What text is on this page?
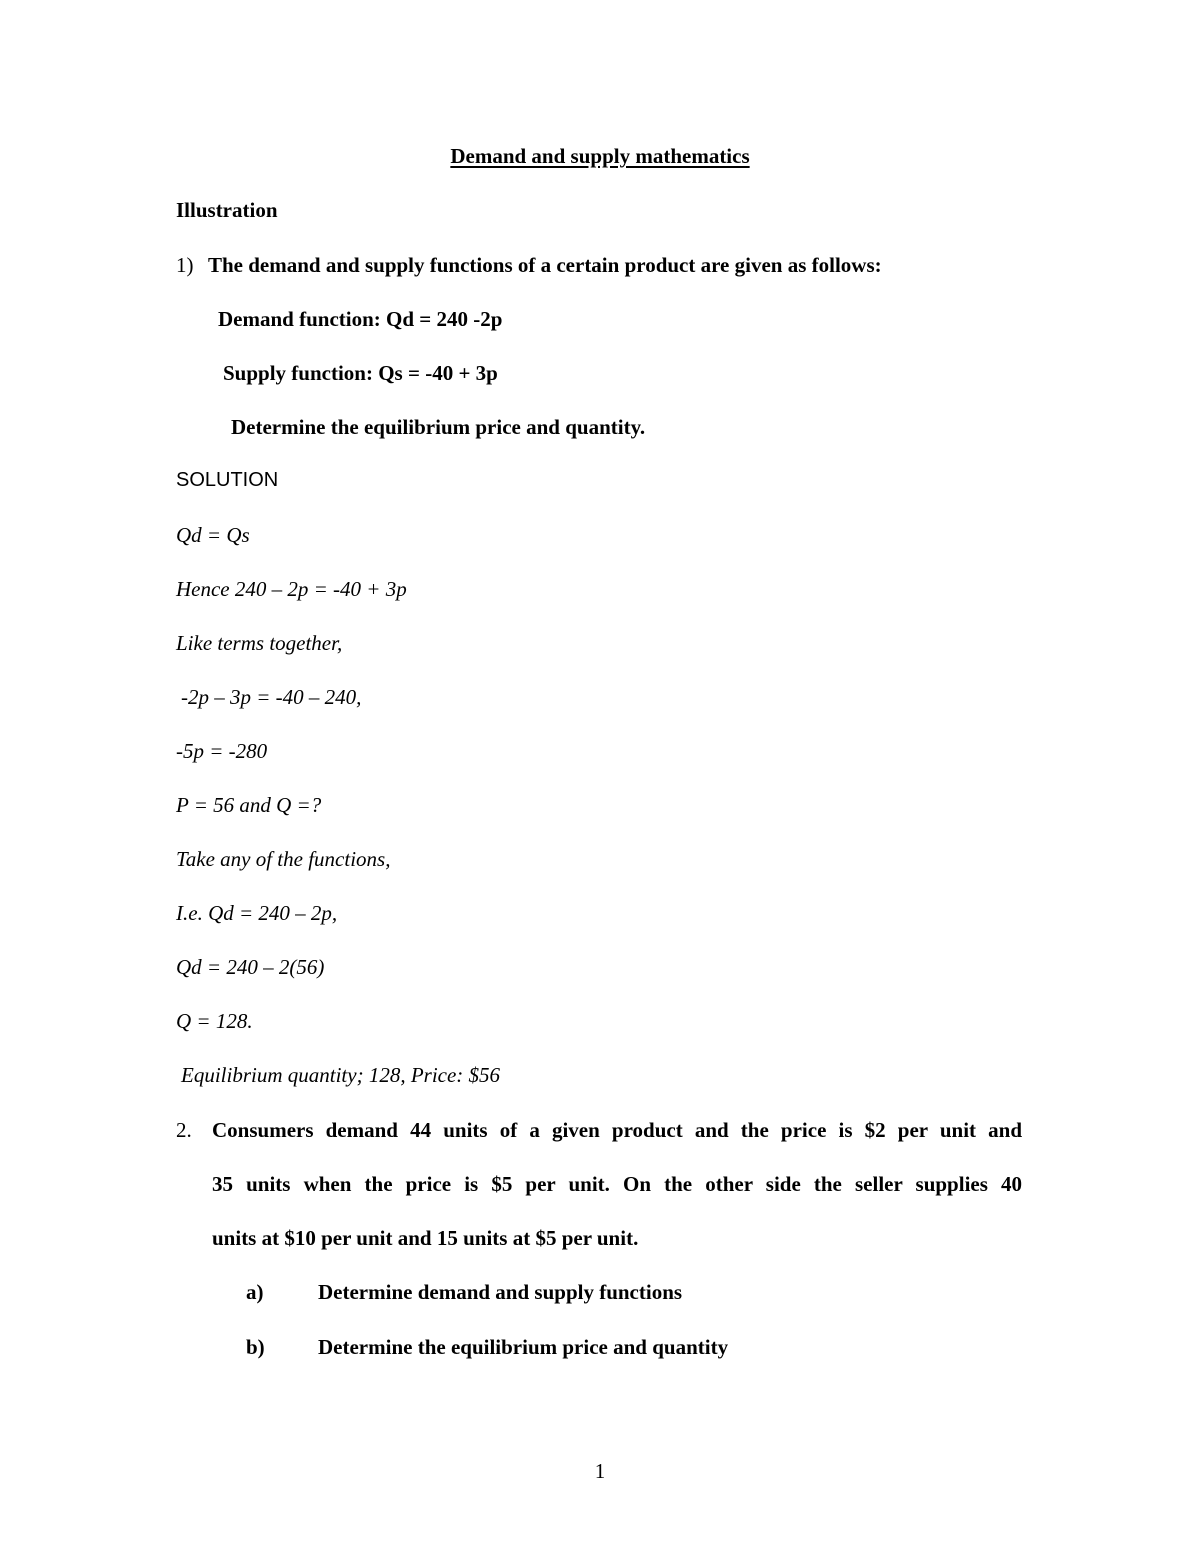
Demand and supply mathematics
Illustration
1) The demand and supply functions of a certain product are given as follows:
Demand function: Qd = 240 -2p
Supply function: Qs = -40 + 3p
Determine the equilibrium price and quantity.
SOLUTION
Qd = Qs
Hence 240 – 2p = -40 + 3p
Like terms together,
-2p – 3p = -40 – 240,
-5p = -280
P = 56 and Q =?
Take any of the functions,
I.e. Qd = 240 – 2p,
Qd = 240 – 2(56)
Q = 128.
Equilibrium quantity; 128, Price: $56
2. Consumers demand 44 units of a given product and the price is $2 per unit and
35 units when the price is $5 per unit. On the other side the seller supplies 40
units at $10 per unit and 15 units at $5 per unit.
a)	Determine demand and supply functions
b)	Determine the equilibrium price and quantity
1
